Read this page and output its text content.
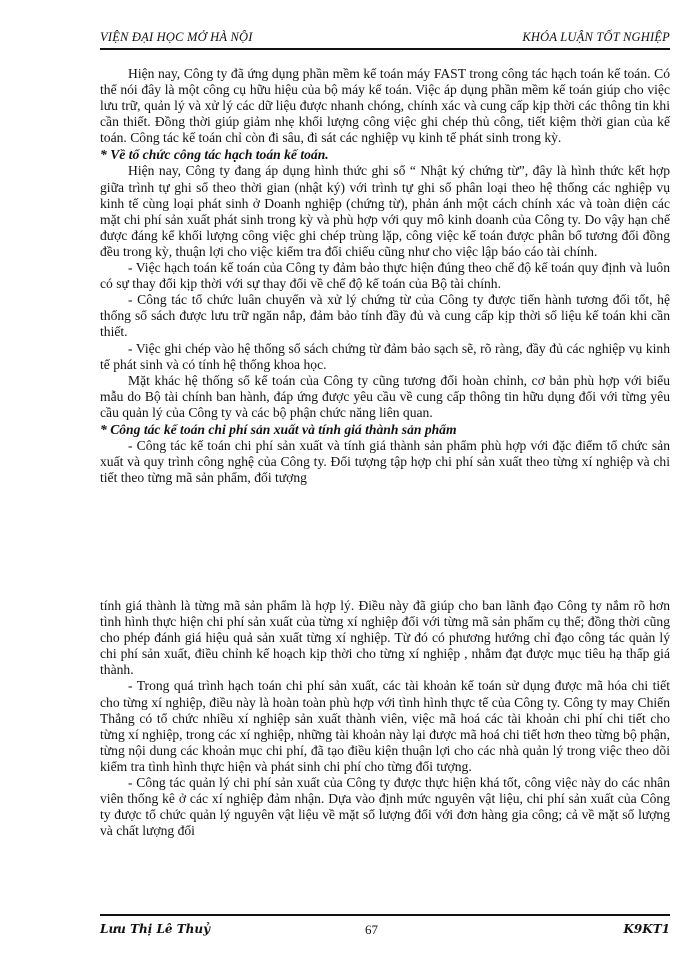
VIỆN ĐẠI HỌC MỞ HÀ NỘI	KHÓA LUẬN TỐT NGHIỆP

Hiện nay, Công ty đã ứng dụng phần mềm kế toán máy FAST trong công tác hạch toán kế toán. Có thể nói đây là một công cụ hữu hiệu của bộ máy kế toán. Việc áp dụng phần mềm kế toán giúp cho việc lưu trữ, quản lý và xử lý các dữ liệu được nhanh chóng, chính xác và cung cấp kịp thời các thông tin khi cần thiết. Đồng thời giúp giảm nhẹ khối lượng công việc ghi chép thủ công, tiết kiệm thời gian của kế toán. Công tác kế toán chỉ còn đi sâu, đi sát các nghiệp vụ kinh tế phát sinh trong kỳ.

* Về tổ chức công tác hạch toán kế toán.

Hiện nay, Công ty đang áp dụng hình thức ghi sổ “ Nhật ký chứng từ”, đây là hình thức kết hợp giữa trình tự ghi sổ theo thời gian (nhật ký) với trình tự ghi sổ phân loại theo hệ thống các nghiệp vụ kinh tế cùng loại phát sinh ở Doanh nghiệp (chứng từ), phản ánh một cách chính xác và toàn diện các mặt chi phí sản xuất phát sinh trong kỳ và phù hợp với quy mô kinh doanh của Công ty. Do vậy hạn chế được đáng kể khối lượng công việc ghi chép trùng lặp, công việc kế toán được phân bổ tương đối đồng đều trong kỳ, thuận lợi cho việc kiểm tra đối chiếu cũng như cho việc lập báo cáo tài chính.

- Việc hạch toán kế toán của Công ty đảm bảo thực hiện đúng theo chế độ kế toán quy định và luôn có sự thay đổi kịp thời với sự thay đổi về chế độ kế toán của Bộ tài chính.

- Công tác tổ chức luân chuyển và xử lý chứng từ của Công ty được tiến hành tương đối tốt, hệ thống sổ sách được lưu trữ ngăn nắp, đảm bảo tính đầy đủ và cung cấp kịp thời số liệu kế toán khi cần thiết.

- Việc ghi chép vào hệ thống sổ sách chứng từ đảm bảo sạch sẽ, rõ ràng, đầy đủ các nghiệp vụ kinh tế phát sinh và có tính hệ thống khoa học.

Mặt khác hệ thống sổ kế toán của Công ty cũng tương đối hoàn chỉnh, cơ bản phù hợp với biểu mẫu do Bộ tài chính ban hành, đáp ứng được yêu cầu về cung cấp thông tin hữu dụng đối với từng yêu cầu quản lý của Công ty và các bộ phận chức năng liên quan.

* Công tác kế toán chi phí sản xuất và tính giá thành sản phẩm

- Công tác kế toán chi phí sản xuất và tính giá thành sản phẩm phù hợp với đặc điểm tổ chức sản xuất và quy trình công nghệ của Công ty. Đối tượng tập hợp chi phí sản xuất theo từng xí nghiệp và chi tiết theo từng mã sản phẩm, đối tượng

tính giá thành là từng mã sản phẩm là hợp lý. Điều này đã giúp cho ban lãnh đạo Công ty nắm rõ hơn tình hình thực hiện chi phí sản xuất của từng xí nghiệp đối với từng mã sản phẩm cụ thể; đồng thời cũng cho phép đánh giá hiệu quả sản xuất từng xí nghiệp. Từ đó có phương hướng chỉ đạo công tác quản lý chi phí sản xuất, điều chỉnh kế hoạch kịp thời cho từng xí nghiệp , nhằm đạt được mục tiêu hạ thấp giá thành.

- Trong quá trình hạch toán chi phí sản xuất, các tài khoản kế toán sử dụng được mã hóa chi tiết cho từng xí nghiệp, điều này là hoàn toàn phù hợp với tình hình thực tế của Công ty. Công ty may Chiến Thắng có tổ chức nhiều xí nghiệp sản xuất thành viên, việc mã hoá các tài khoản chi phí chi tiết cho từng xí nghiệp, trong các xí nghiệp, những tài khoản này lại được mã hoá chi tiết hơn theo từng bộ phận, từng nội dung các khoản mục chi phí, đã tạo điều kiện thuận lợi cho các nhà quản lý trong việc theo dõi kiểm tra tình hình thực hiện và phát sinh chi phí cho từng đối tượng.

- Công tác quản lý chi phí sản xuất của Công ty được thực hiện khá tốt, công việc này do các nhân viên thống kê ở các xí nghiệp đảm nhận. Dựa vào định mức nguyên vật liệu, chi phí sản xuất của Công ty được tổ chức quản lý nguyên vật liệu về mặt số lượng đối với đơn hàng gia công; cả về mặt số lượng và chất lượng đối

Lưu Thị Lê Thuỷ	67	K9KT1
